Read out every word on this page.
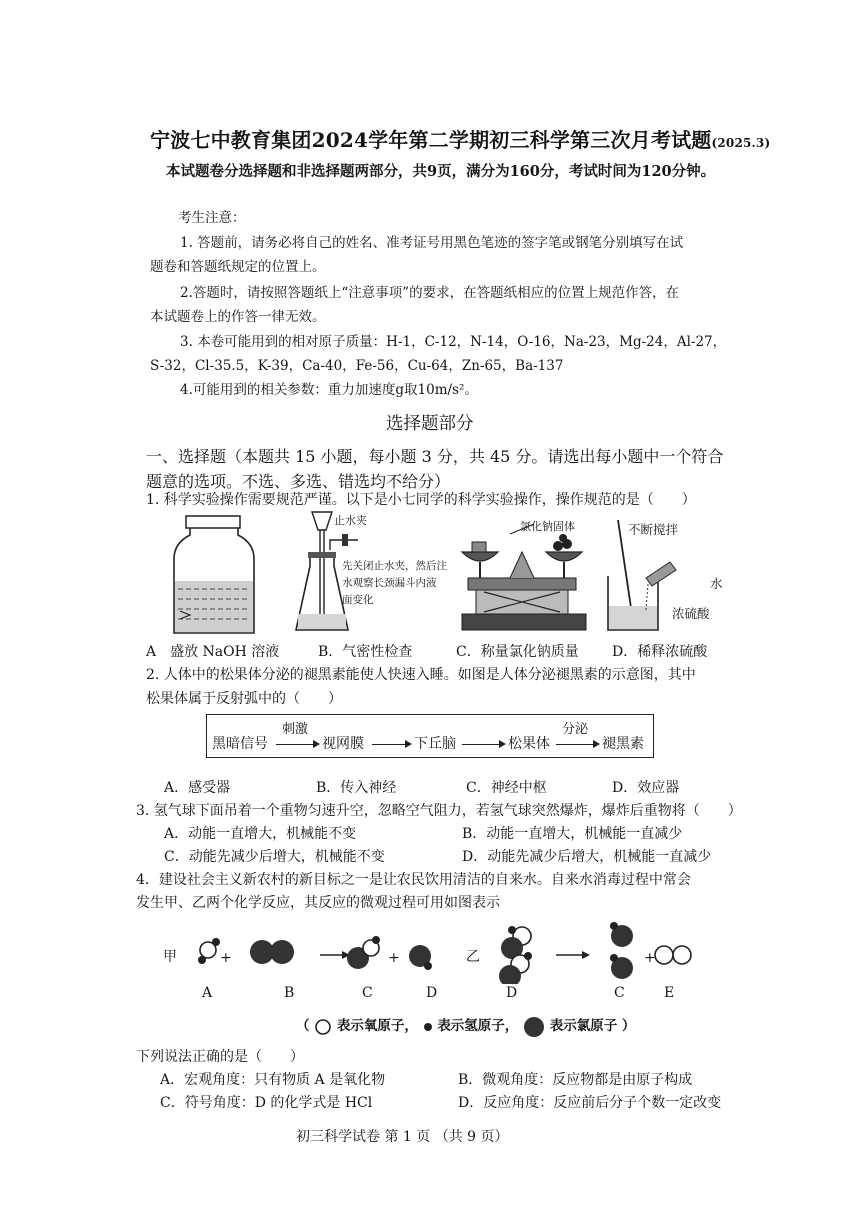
宁波七中教育集团2024学年第二学期初三科学第三次月考试题(2025.3)
本试题卷分选择题和非选择题两部分，共9页，满分为160分，考试时间为120分钟。
考生注意：
1. 答题前，请务必将自己的姓名、准考证号用黑色笔迹的签字笔或钢笔分别填写在试
题卷和答题纸规定的位置上。
2.答题时，请按照答题纸上“注意事项”的要求，在答题纸相应的位置上规范作答，在
本试题卷上的作答一律无效。
3. 本卷可能用到的相对原子质量：H-1，C-12，N-14，O-16，Na-23，Mg-24，Al-27，
S-32，Cl-35.5，K-39，Ca-40，Fe-56，Cu-64，Zn-65，Ba-137
4.可能用到的相关参数：重力加速度g取10m/s²。
选择题部分
一、选择题（本题共 15 小题，每小题 3 分，共 45 分。请选出每小题中一个符合题意的选项。不选、多选、错选均不给分）
1. 科学实验操作需要规范严谨。以下是小七同学的科学实验操作，操作规范的是（　　）
止水夹
先关闭止水夹，然后注
水观察长颈漏斗内液
面变化
氯化钠固体	不断搅拌
水
浓硫酸
A　盛放 NaOH 溶液	B．气密性检查	C．称量氯化钠质量 D．稀释浓硫酸
2. 人体中的松果体分泌的褪黑素能使人快速入睡。如图是人体分泌褪黑素的示意图，其中
松果体属于反射弧中的（　　）
黑暗信号
刺激
视网膜	下丘脑	松果体
分泌
褪黑素
A．感受器	B．传入神经	C．神经中枢	D．效应器
3. 氢气球下面吊着一个重物匀速升空，忽略空气阻力，若氢气球突然爆炸，爆炸后重物将（　　）
A．动能一直增大，机械能不变	B．动能一直增大，机械能一直减少
C．动能先减少后增大，机械能不变	D．动能先减少后增大，机械能一直减少
4．建设社会主义新农村的新目标之一是让农民饮用清洁的自来水。自来水消毒过程中常会
发生甲、乙两个化学反应，其反应的微观过程可用如图表示
甲	乙
+	+	+
A	B	C	D	D	C	E
（ 表示氧原子， 表示氢原子， 表示氯原子 ）
下列说法正确的是（　　）
A．宏观角度：只有物质 A 是氧化物	B．微观角度：反应物都是由原子构成
C．符号角度：D 的化学式是 HCl	D．反应角度：反应前后分子个数一定改变
初三科学试卷 第 1 页 （共 9 页）
